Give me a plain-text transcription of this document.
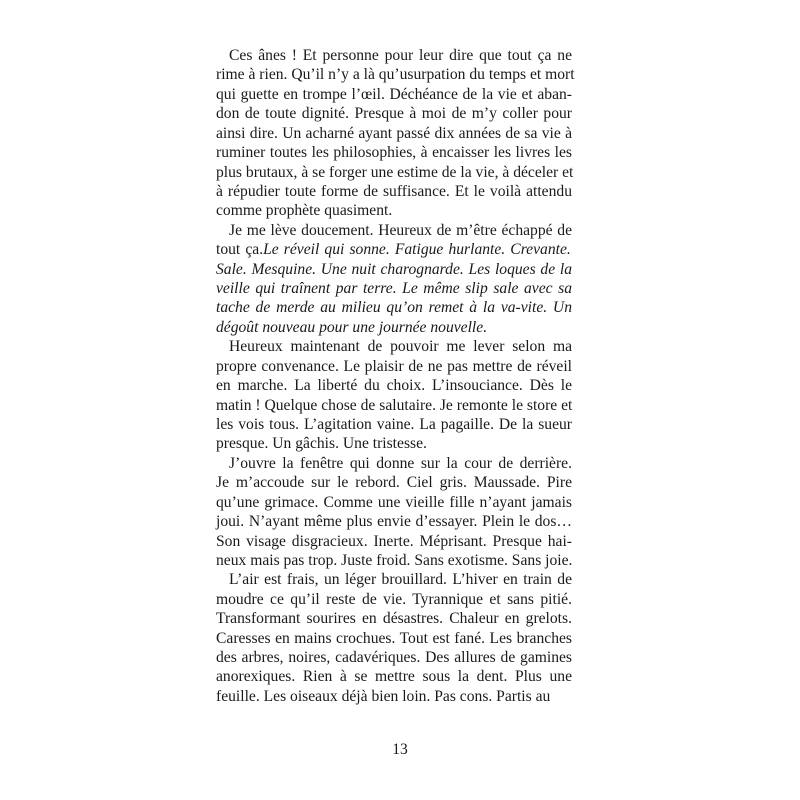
Ces ânes ! Et personne pour leur dire que tout ça ne
rime à rien. Qu’il n’y a là qu’usurpation du temps et mort
qui guette en trompe l’œil. Déchéance de la vie et aban-
don de toute dignité. Presque à moi de m’y coller pour
ainsi dire. Un acharné ayant passé dix années de sa vie à
ruminer toutes les philosophies, à encaisser les livres les
plus brutaux, à se forger une estime de la vie, à déceler et
à répudier toute forme de suffisance. Et le voilà attendu
comme prophète quasiment.
Je me lève doucement. Heureux de m’être échappé de
tout ça. Le réveil qui sonne. Fatigue hurlante. Crevante.
Sale. Mesquine. Une nuit charognarde. Les loques de la
veille qui traînent par terre. Le même slip sale avec sa
tache de merde au milieu qu’on remet à la va-vite. Un
dégoût nouveau pour une journée nouvelle.
Heureux maintenant de pouvoir me lever selon ma
propre convenance. Le plaisir de ne pas mettre de réveil
en marche. La liberté du choix. L’insouciance. Dès le
matin ! Quelque chose de salutaire. Je remonte le store et
les vois tous. L’agitation vaine. La pagaille. De la sueur
presque. Un gâchis. Une tristesse.
J’ouvre la fenêtre qui donne sur la cour de derrière.
Je m’accoude sur le rebord. Ciel gris. Maussade. Pire
qu’une grimace. Comme une vieille fille n’ayant jamais
joui. N’ayant même plus envie d’essayer. Plein le dos…
Son visage disgracieux. Inerte. Méprisant. Presque hai-
neux mais pas trop. Juste froid. Sans exotisme. Sans joie.
L’air est frais, un léger brouillard. L’hiver en train de
moudre ce qu’il reste de vie. Tyrannique et sans pitié.
Transformant sourires en désastres. Chaleur en grelots.
Caresses en mains crochues. Tout est fané. Les branches
des arbres, noires, cadavériques. Des allures de gamines
anorexiques. Rien à se mettre sous la dent. Plus une
feuille. Les oiseaux déjà bien loin. Pas cons. Partis au
13
